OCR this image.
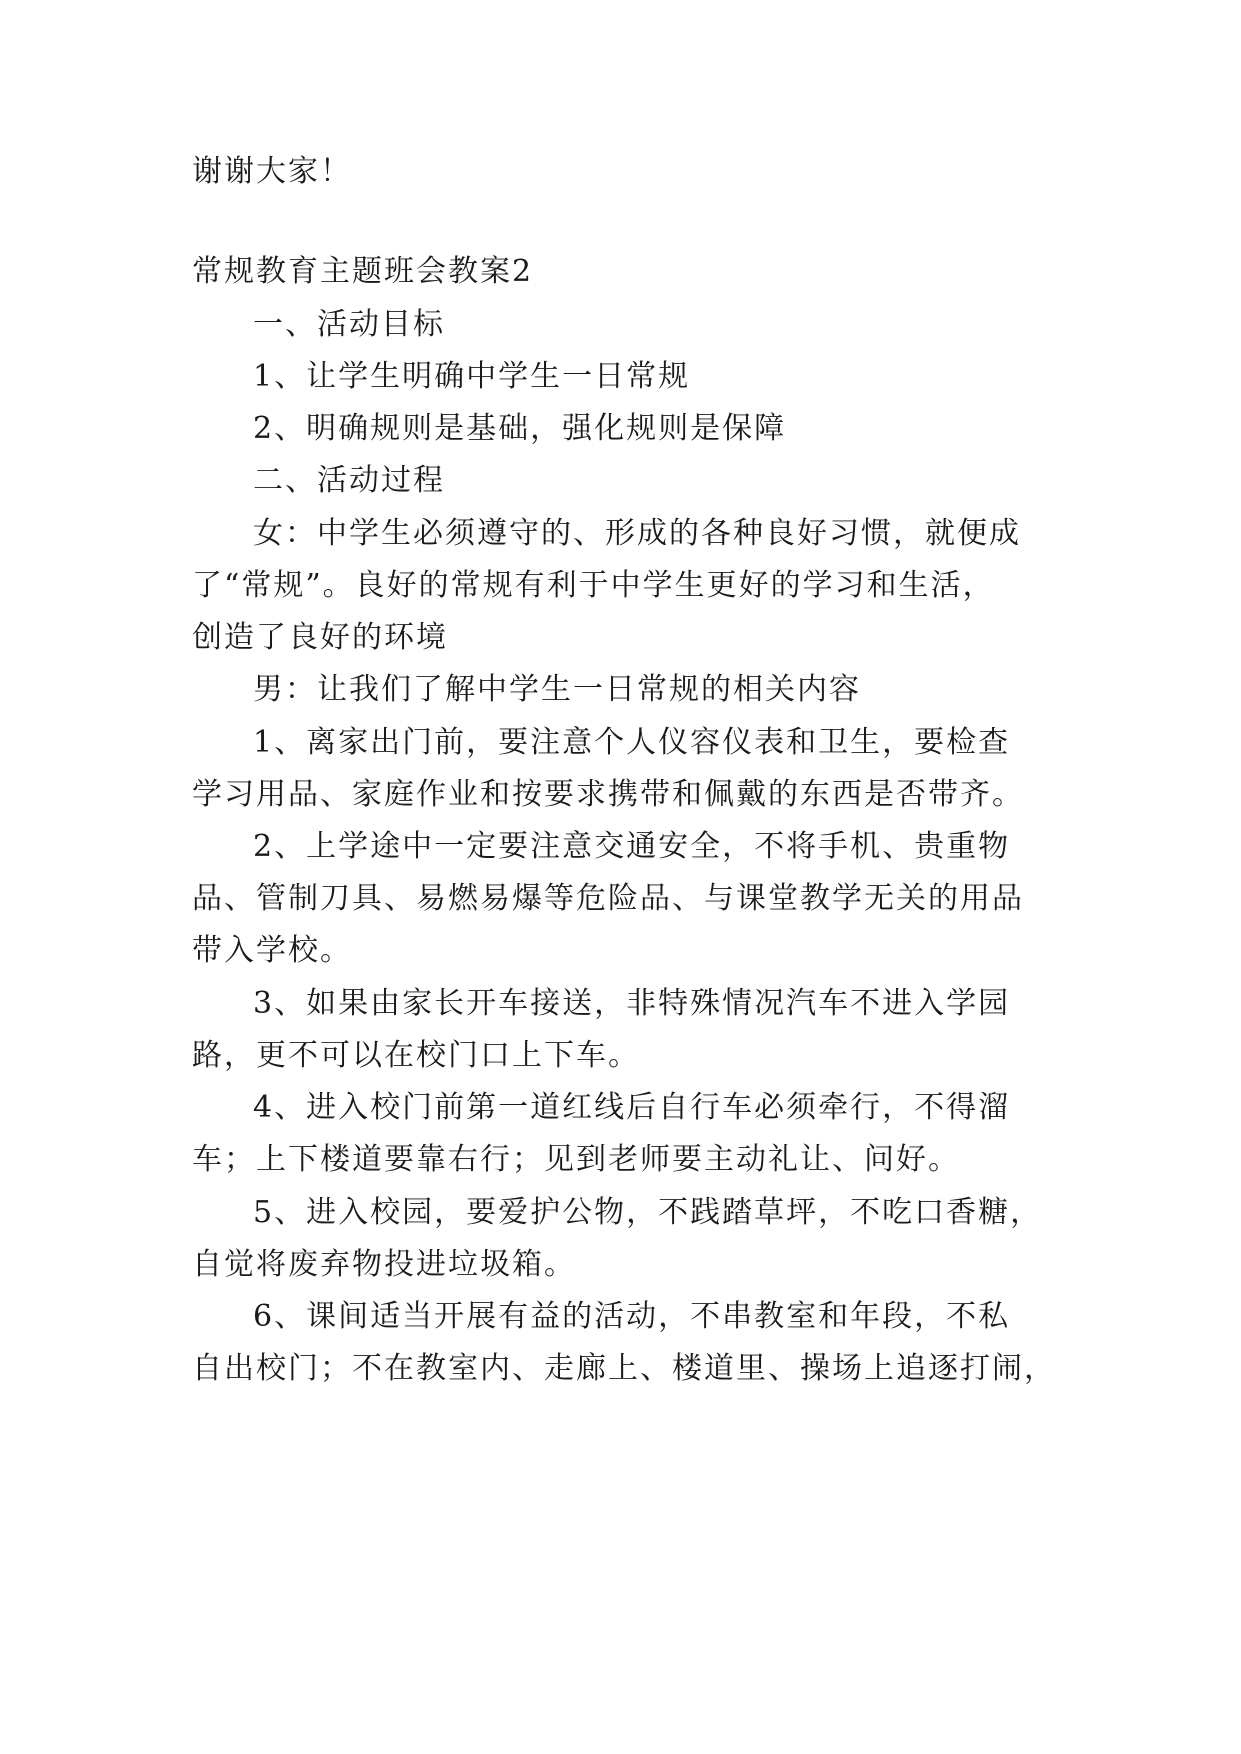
谢谢大家！
常规教育主题班会教案2
一、活动目标
1、让学生明确中学生一日常规
2、明确规则是基础，强化规则是保障
二、活动过程
女：中学生必须遵守的、形成的各种良好习惯，就便成
了“常规”。良好的常规有利于中学生更好的学习和生活，
创造了良好的环境
男：让我们了解中学生一日常规的相关内容
1、离家出门前，要注意个人仪容仪表和卫生，要检查
学习用品、家庭作业和按要求携带和佩戴的东西是否带齐。
2、上学途中一定要注意交通安全，不将手机、贵重物
品、管制刀具、易燃易爆等危险品、与课堂教学无关的用品
带入学校。
3、如果由家长开车接送，非特殊情况汽车不进入学园
路，更不可以在校门口上下车。
4、进入校门前第一道红线后自行车必须牵行，不得溜
车；上下楼道要靠右行；见到老师要主动礼让、问好。
5、进入校园，要爱护公物，不践踏草坪，不吃口香糖，
自觉将废弃物投进垃圾箱。
6、课间适当开展有益的活动，不串教室和年段，不私
自出校门；不在教室内、走廊上、楼道里、操场上追逐打闹，
